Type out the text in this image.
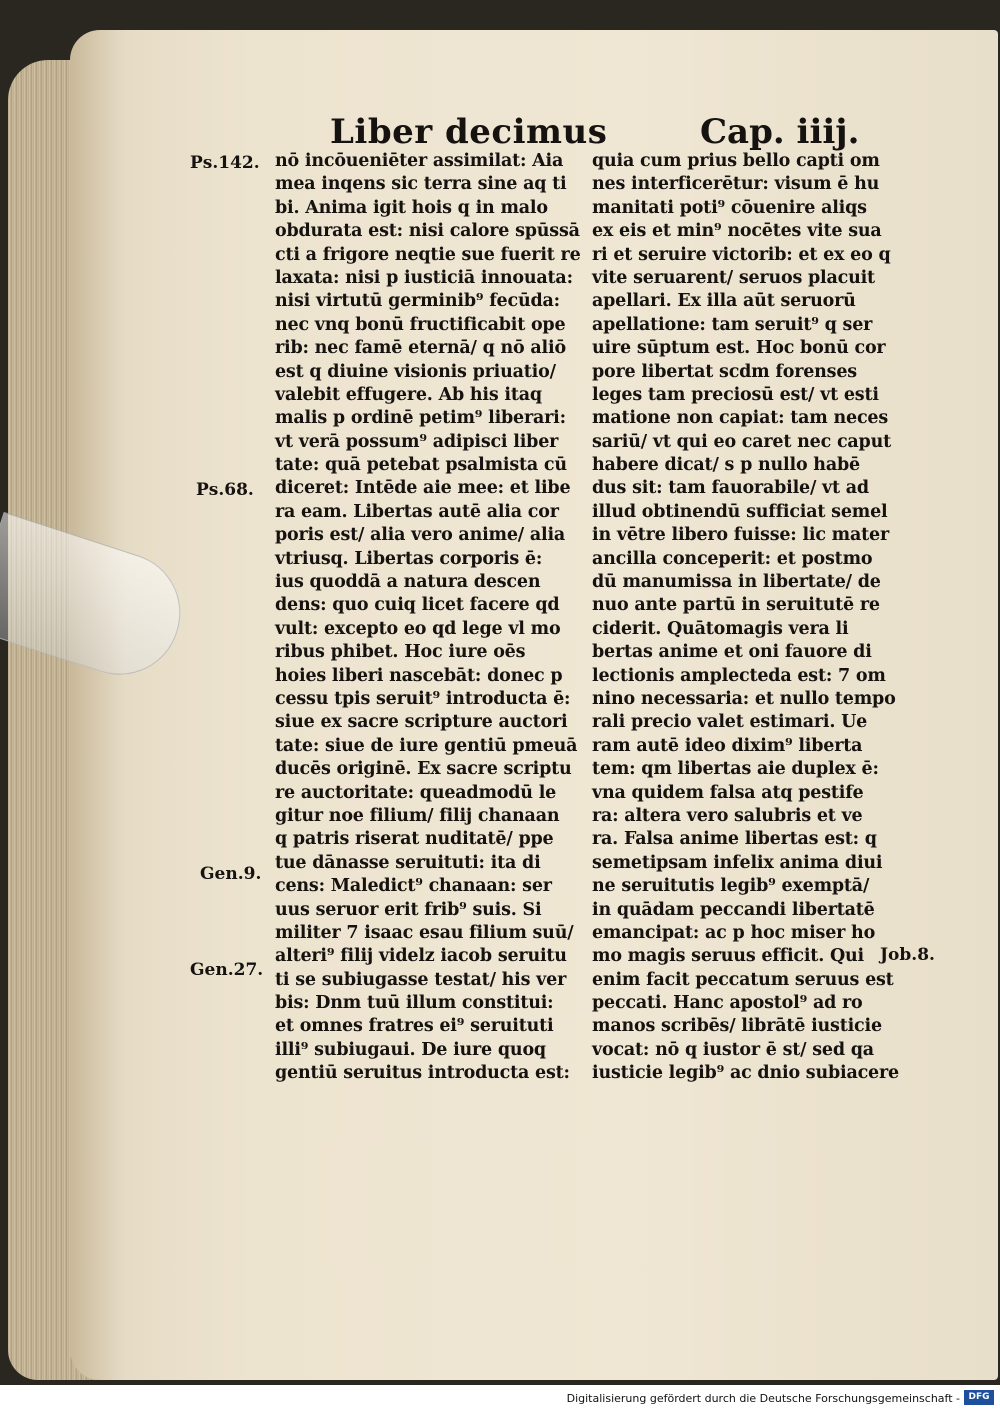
Liber decimus	Cap. iiij.
Ps.142.
Ps.68.
Gen.9.
Gen.27.
Job.8.
nō incōueniēter assimilat: Aia
mea inqens sic terra sine aq ti
bi. Anima igit hois q in malo
obdurata est: nisi calore spūssā
cti a frigore neqtie sue fuerit re
laxata: nisi p iusticiā innouata:
nisi virtutū germinib⁹ fecūda:
nec vnq bonū fructificabit ope
rib: nec famē eternā/ q nō aliō
est q diuine visionis priuatio/
valebit effugere. Ab his itaq
malis p ordinē petim⁹ liberari:
vt verā possum⁹ adipisci liber
tate: quā petebat psalmista cū
diceret: Intēde aie mee: et libe
ra eam. Libertas autē alia cor
poris est/ alia vero anime/ alia
vtriusq. Libertas corporis ē:
ius quoddā a natura descen
dens: quo cuiq licet facere qd
vult: excepto eo qd lege vl mo
ribus phibet. Hoc iure oēs
hoies liberi nascebāt: donec p
cessu tpis seruit⁹ introducta ē:
siue ex sacre scripture auctori
tate: siue de iure gentiū pmeuā
ducēs originē. Ex sacre scriptu
re auctoritate: queadmodū le
gitur noe filium/ filij chanaan
q patris riserat nuditatē/ ppe
tue dānasse seruituti: ita di
cens: Maledict⁹ chanaan: ser
uus seruor erit frib⁹ suis. Si
militer 7 isaac esau filium suū/
alteri⁹ filij videlz iacob seruitu
ti se subiugasse testat/ his ver
bis: Dnm tuū illum constitui:
et omnes fratres ei⁹ seruituti
illi⁹ subiugaui. De iure quoq
gentiū seruitus introducta est:
quia cum prius bello capti om
nes interficerētur: visum ē hu
manitati poti⁹ cōuenire aliqs
ex eis et min⁹ nocētes vite sua
ri et seruire victorib: et ex eo q
vite seruarent/ seruos placuit
apellari. Ex illa aūt seruorū
apellatione: tam seruit⁹ q ser
uire sūptum est. Hoc bonū cor
pore libertat scdm forenses
leges tam preciosū est/ vt esti
matione non capiat: tam neces
sariū/ vt qui eo caret nec caput
habere dicat/ s p nullo habē
dus sit: tam fauorabile/ vt ad
illud obtinendū sufficiat semel
in vētre libero fuisse: lic mater
ancilla conceperit: et postmo
dū manumissa in libertate/ de
nuo ante partū in seruitutē re
ciderit. Quātomagis vera li
bertas anime et oni fauore di
lectionis amplecteda est: 7 om
nino necessaria: et nullo tempo
rali precio valet estimari. Ue
ram autē ideo dixim⁹ liberta
tem: qm libertas aie duplex ē:
vna quidem falsa atq pestife
ra: altera vero salubris et ve
ra. Falsa anime libertas est: q
semetipsam infelix anima diui
ne seruitutis legib⁹ exemptā/
in quādam peccandi libertatē
emancipat: ac p hoc miser ho
mo magis seruus efficit. Qui
enim facit peccatum seruus est
peccati. Hanc apostol⁹ ad ro
manos scribēs/ librātē iusticie
vocat: nō q iustor ē st/ sed qa
iusticie legib⁹ ac dnio subiacere
Digitalisierung gefördert durch die Deutsche Forschungsgemeinschaft - DFG
